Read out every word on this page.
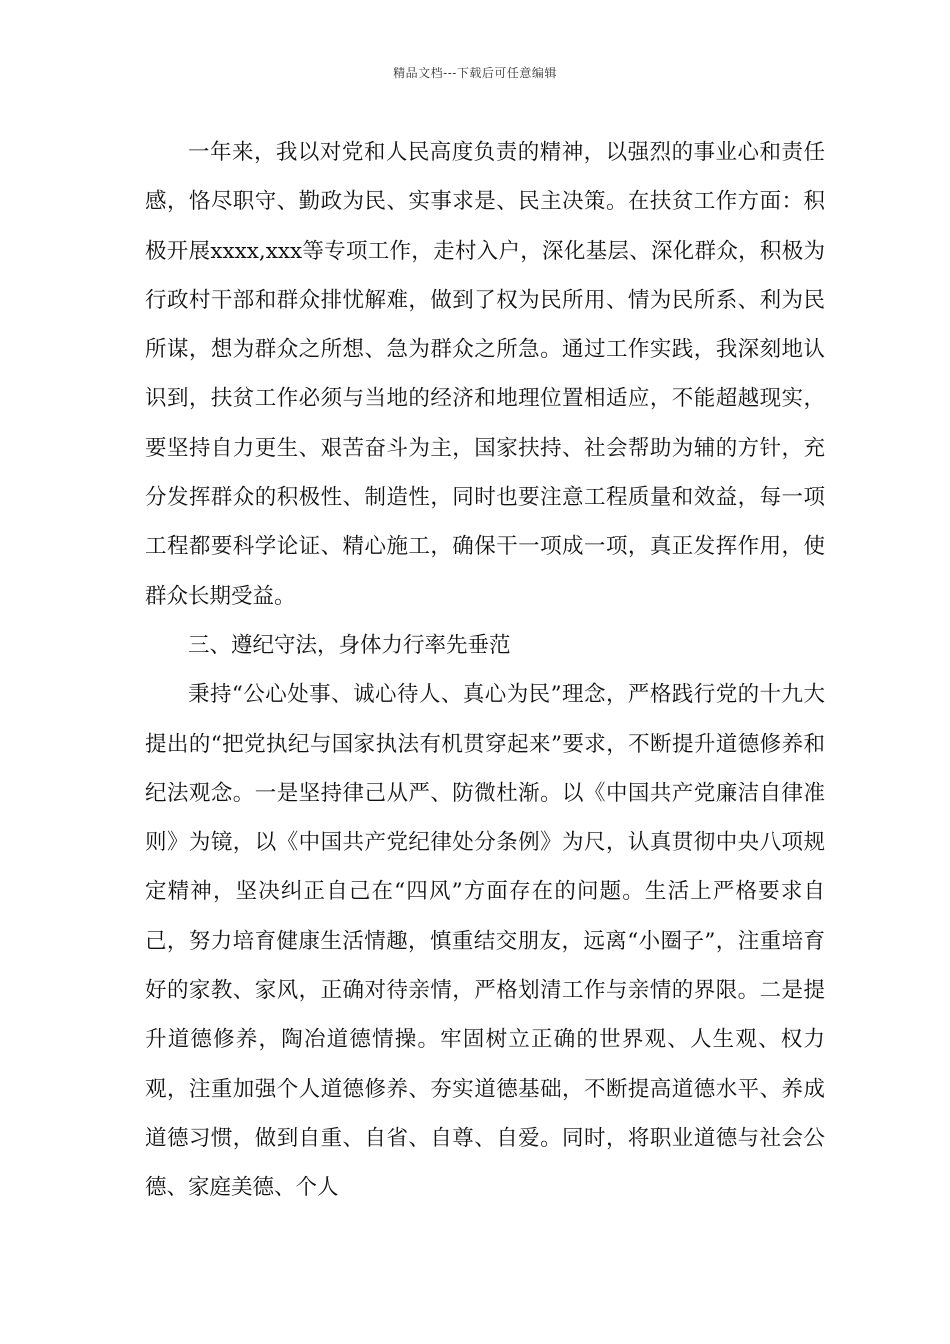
精品文档---下载后可任意编辑

一年来，我以对党和人民高度负责的精神，以强烈的事业心和责任感，恪尽职守、勤政为民、实事求是、民主决策。在扶贫工作方面：积极开展xxxx,xxx等专项工作，走村入户，深化基层、深化群众，积极为行政村干部和群众排忧解难，做到了权为民所用、情为民所系、利为民所谋，想为群众之所想、急为群众之所急。通过工作实践，我深刻地认识到，扶贫工作必须与当地的经济和地理位置相适应，不能超越现实，要坚持自力更生、艰苦奋斗为主，国家扶持、社会帮助为辅的方针，充分发挥群众的积极性、制造性，同时也要注意工程质量和效益，每一项工程都要科学论证、精心施工，确保干一项成一项，真正发挥作用，使群众长期受益。

三、遵纪守法，身体力行率先垂范

秉持“公心处事、诚心待人、真心为民”理念，严格践行党的十九大提出的“把党执纪与国家执法有机贯穿起来”要求，不断提升道德修养和纪法观念。一是坚持律己从严、防微杜渐。以《中国共产党廉洁自律准则》为镜，以《中国共产党纪律处分条例》为尺，认真贯彻中央八项规定精神，坚决纠正自己在“四风”方面存在的问题。生活上严格要求自己，努力培育健康生活情趣，慎重结交朋友，远离“小圈子”，注重培育好的家教、家风，正确对待亲情，严格划清工作与亲情的界限。二是提升道德修养，陶冶道德情操。牢固树立正确的世界观、人生观、权力观，注重加强个人道德修养、夯实道德基础，不断提高道德水平、养成道德习惯，做到自重、自省、自尊、自爱。同时，将职业道德与社会公德、家庭美德、个人
